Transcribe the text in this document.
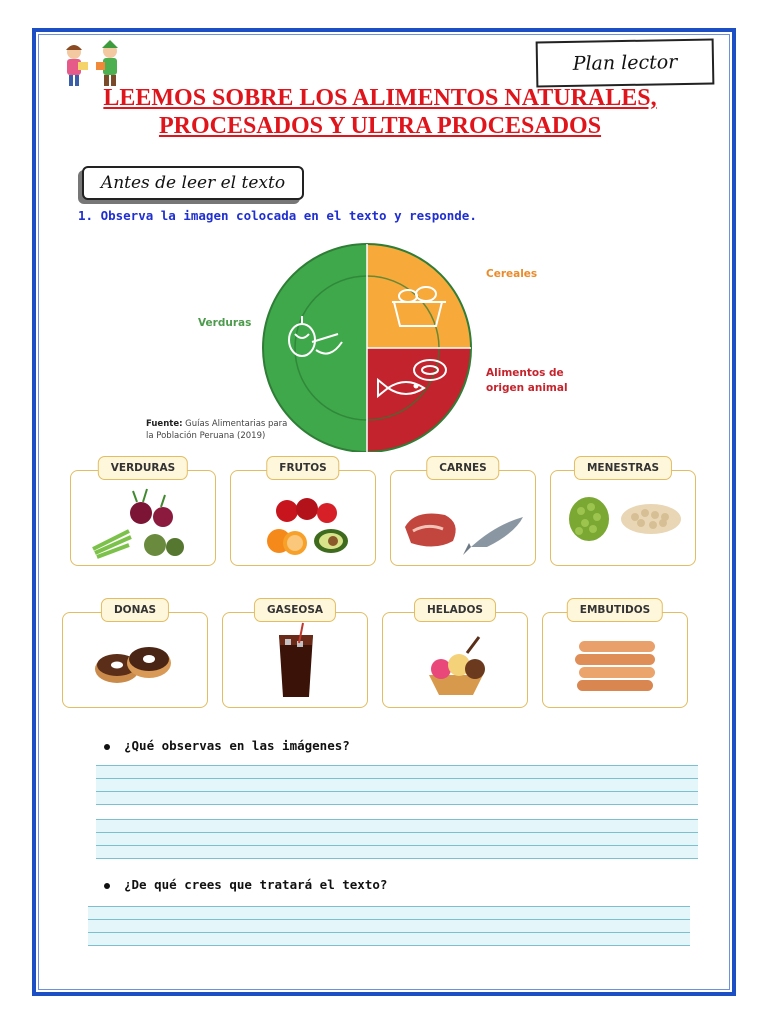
Plan lector
LEEMOS SOBRE LOS ALIMENTOS NATURALES,
PROCESADOS Y ULTRA PROCESADOS
Antes de leer el texto
1. Observa la imagen colocada en el texto y responde.
Verduras
Cereales
Alimentos de
origen animal
Fuente: Guías Alimentarias para
la Población Peruana (2019)
VERDURAS	FRUTOS	CARNES	MENESTRAS
DONAS	GASEOSA	HELADOS	EMBUTIDOS
¿Qué observas en las imágenes?
¿De qué crees que tratará el texto?
